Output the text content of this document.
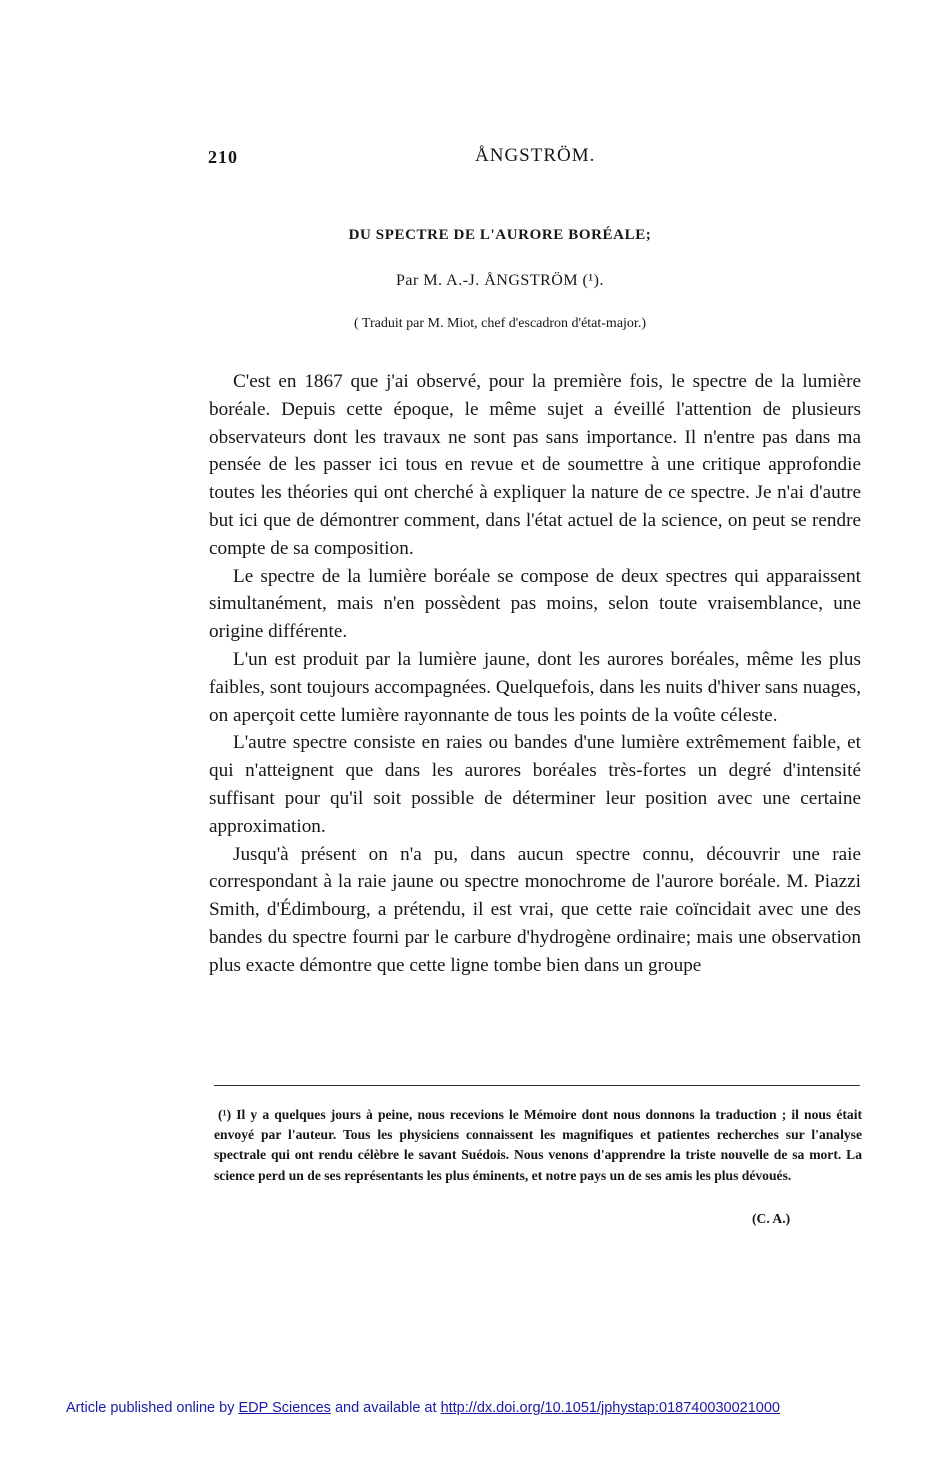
210	ÅNGSTRÖM.
DU SPECTRE DE L'AURORE BORÉALE;
Par M. A.-J. ÅNGSTRÖM (¹).
( Traduit par M. Miot, chef d'escadron d'état-major.)

C'est en 1867 que j'ai observé, pour la première fois, le spectre de la lumière boréale. Depuis cette époque, le même sujet a éveillé l'attention de plusieurs observateurs dont les travaux ne sont pas sans importance. Il n'entre pas dans ma pensée de les passer ici tous en revue et de soumettre à une critique approfondie toutes les théories qui ont cherché à expliquer la nature de ce spectre. Je n'ai d'autre but ici que de démontrer comment, dans l'état actuel de la science, on peut se rendre compte de sa composition.

Le spectre de la lumière boréale se compose de deux spectres qui apparaissent simultanément, mais n'en possèdent pas moins, selon toute vraisemblance, une origine différente.

L'un est produit par la lumière jaune, dont les aurores boréales, même les plus faibles, sont toujours accompagnées. Quelquefois, dans les nuits d'hiver sans nuages, on aperçoit cette lumière rayonnante de tous les points de la voûte céleste.

L'autre spectre consiste en raies ou bandes d'une lumière extrêmement faible, et qui n'atteignent que dans les aurores boréales très-fortes un degré d'intensité suffisant pour qu'il soit possible de déterminer leur position avec une certaine approximation.

Jusqu'à présent on n'a pu, dans aucun spectre connu, découvrir une raie correspondant à la raie jaune ou spectre monochrome de l'aurore boréale. M. Piazzi Smith, d'Édimbourg, a prétendu, il est vrai, que cette raie coïncidait avec une des bandes du spectre fourni par le carbure d'hydrogène ordinaire; mais une observation plus exacte démontre que cette ligne tombe bien dans un groupe

(¹) Il y a quelques jours à peine, nous recevions le Mémoire dont nous donnons la traduction ; il nous était envoyé par l'auteur. Tous les physiciens connaissent les magnifiques et patientes recherches sur l'analyse spectrale qui ont rendu célèbre le savant Suédois. Nous venons d'apprendre la triste nouvelle de sa mort. La science perd un de ses représentants les plus éminents, et notre pays un de ses amis les plus dévoués.
(C. A.)
Article published online by EDP Sciences and available at http://dx.doi.org/10.1051/jphystap:018740030021000
